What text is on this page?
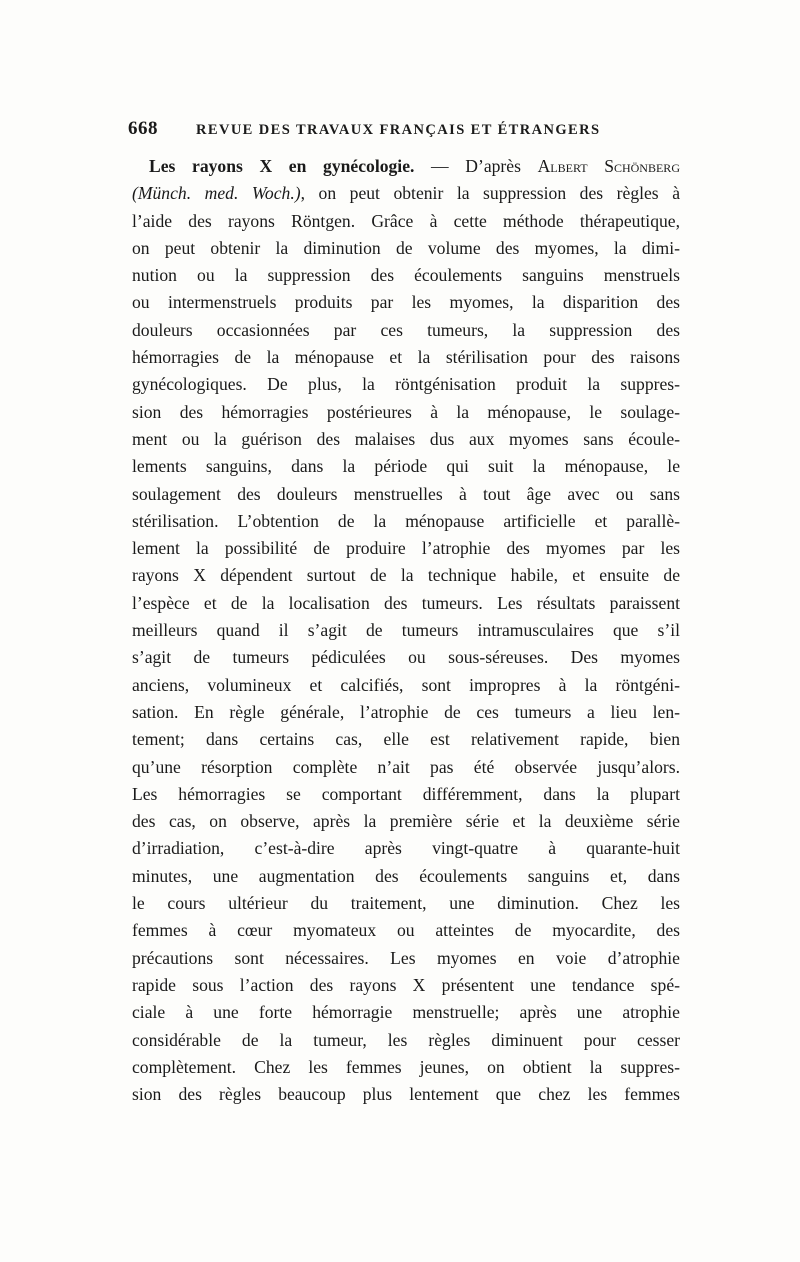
668	REVUE DES TRAVAUX FRANÇAIS ET ÉTRANGERS
Les rayons X en gynécologie. — D’après Albert Schönberg
(Münch. med. Woch.), on peut obtenir la suppression des règles à
l’aide des rayons Röntgen. Grâce à cette méthode thérapeutique,
on peut obtenir la diminution de volume des myomes, la dimi-
nution ou la suppression des écoulements sanguins menstruels
ou intermenstruels produits par les myomes, la disparition des
douleurs occasionnées par ces tumeurs, la suppression des
hémorragies de la ménopause et la stérilisation pour des raisons
gynécologiques. De plus, la röntgénisation produit la suppres-
sion des hémorragies postérieures à la ménopause, le soulage-
ment ou la guérison des malaises dus aux myomes sans écoule-
lements sanguins, dans la période qui suit la ménopause, le
soulagement des douleurs menstruelles à tout âge avec ou sans
stérilisation. L’obtention de la ménopause artificielle et parallè-
lement la possibilité de produire l’atrophie des myomes par les
rayons X dépendent surtout de la technique habile, et ensuite de
l’espèce et de la localisation des tumeurs. Les résultats paraissent
meilleurs quand il s’agit de tumeurs intramusculaires que s’il
s’agit de tumeurs pédiculées ou sous-séreuses. Des myomes
anciens, volumineux et calcifiés, sont impropres à la röntgéni-
sation. En règle générale, l’atrophie de ces tumeurs a lieu len-
tement; dans certains cas, elle est relativement rapide, bien
qu’une résorption complète n’ait pas été observée jusqu’alors.
Les hémorragies se comportant différemment, dans la plupart
des cas, on observe, après la première série et la deuxième série
d’irradiation, c’est-à-dire après vingt-quatre à quarante-huit
minutes, une augmentation des écoulements sanguins et, dans
le cours ultérieur du traitement, une diminution. Chez les
femmes à cœur myomateux ou atteintes de myocardite, des
précautions sont nécessaires. Les myomes en voie d’atrophie
rapide sous l’action des rayons X présentent une tendance spé-
ciale à une forte hémorragie menstruelle; après une atrophie
considérable de la tumeur, les règles diminuent pour cesser
complètement. Chez les femmes jeunes, on obtient la suppres-
sion des règles beaucoup plus lentement que chez les femmes
